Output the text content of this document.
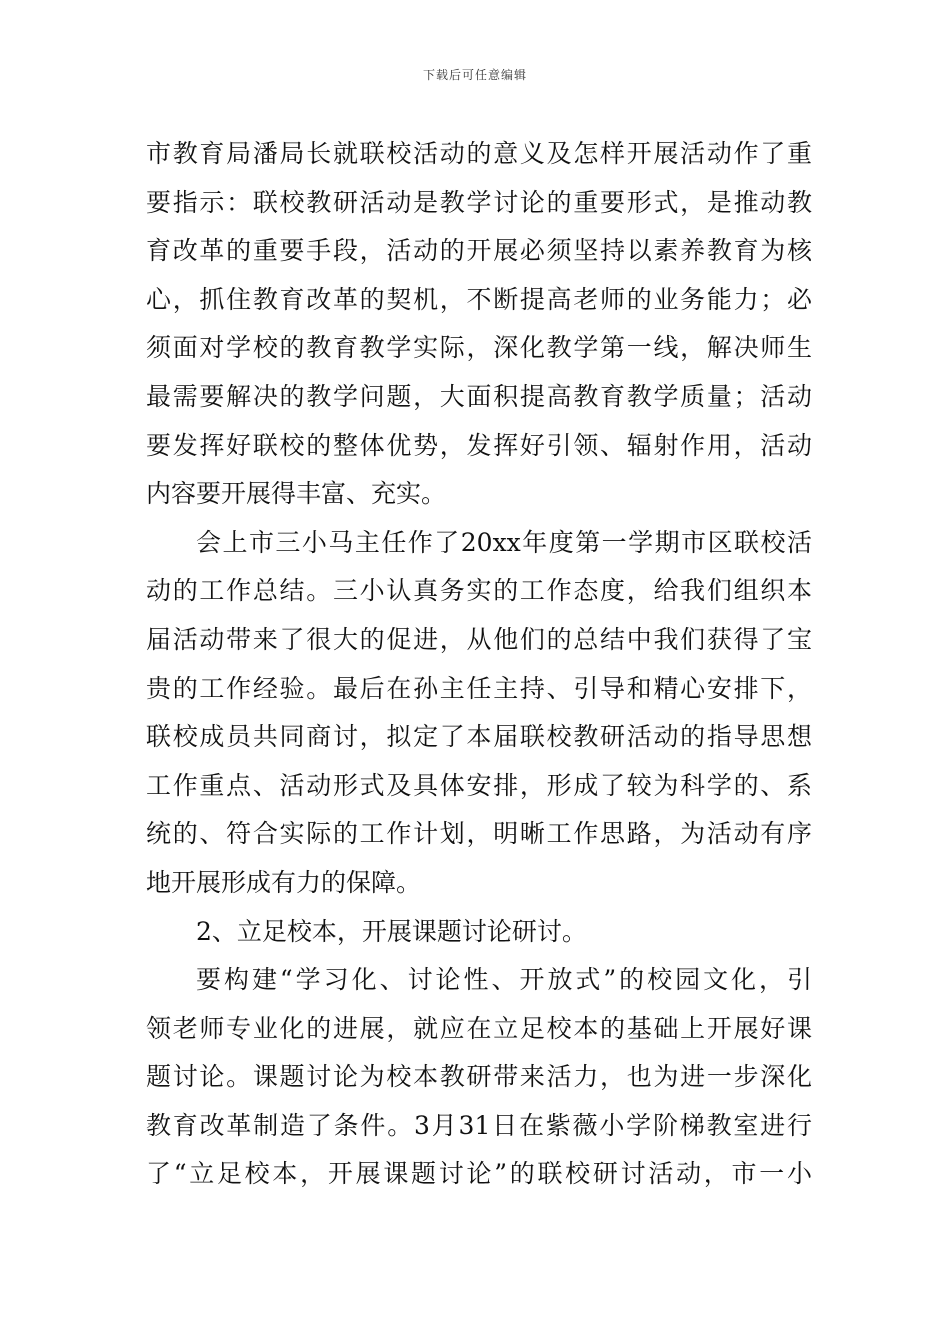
下载后可任意编辑
市教育局潘局长就联校活动的意义及怎样开展活动作了重
要指示：联校教研活动是教学讨论的重要形式，是推动教
育改革的重要手段，活动的开展必须坚持以素养教育为核
心，抓住教育改革的契机，不断提高老师的业务能力；必
须面对学校的教育教学实际，深化教学第一线，解决师生
最需要解决的教学问题，大面积提高教育教学质量；活动
要发挥好联校的整体优势，发挥好引领、辐射作用，活动
内容要开展得丰富、充实。
会上市三小马主任作了20xx年度第一学期市区联校活
动的工作总结。三小认真务实的工作态度，给我们组织本
届活动带来了很大的促进，从他们的总结中我们获得了宝
贵的工作经验。最后在孙主任主持、引导和精心安排下，
联校成员共同商讨，拟定了本届联校教研活动的指导思想
工作重点、活动形式及具体安排，形成了较为科学的、系
统的、符合实际的工作计划，明晰工作思路，为活动有序
地开展形成有力的保障。
2、立足校本，开展课题讨论研讨。
要构建“学习化、讨论性、开放式”的校园文化，引
领老师专业化的进展，就应在立足校本的基础上开展好课
题讨论。课题讨论为校本教研带来活力，也为进一步深化
教育改革制造了条件。3月31日在紫薇小学阶梯教室进行
了“立足校本，开展课题讨论”的联校研讨活动，市一小
